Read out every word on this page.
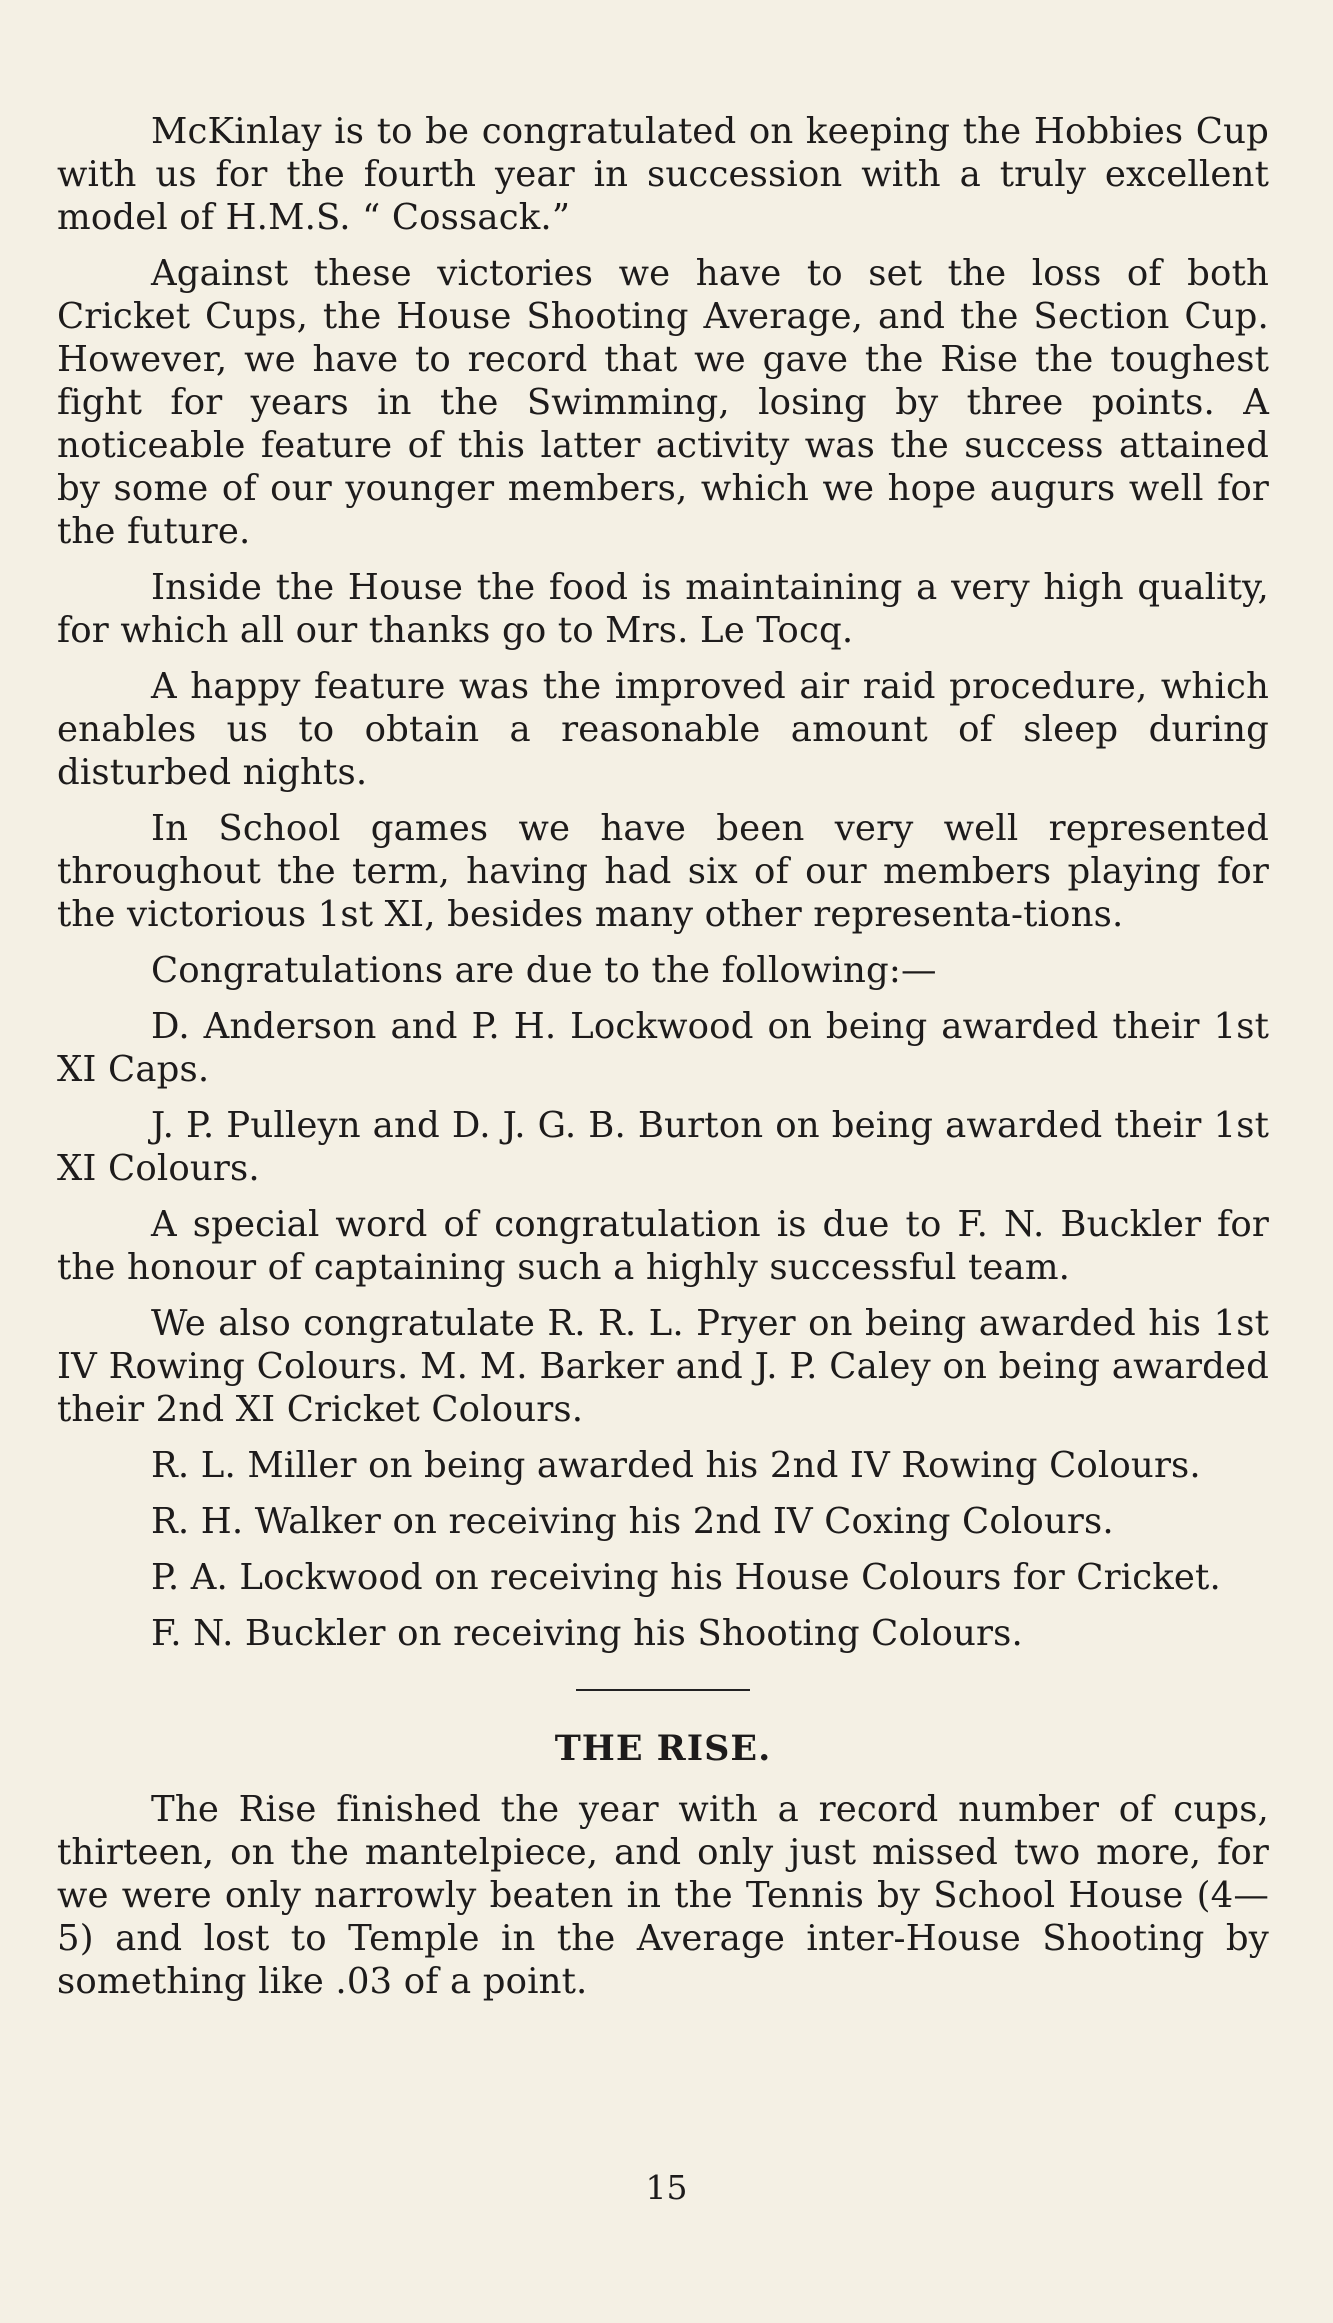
McKinlay is to be congratulated on keeping the Hobbies Cup with us for the fourth year in succession with a truly excellent model of H.M.S. “ Cossack.”

Against these victories we have to set the loss of both Cricket Cups, the House Shooting Average, and the Section Cup. However, we have to record that we gave the Rise the toughest fight for years in the Swimming, losing by three points. A noticeable feature of this latter activity was the success attained by some of our younger members, which we hope augurs well for the future.

Inside the House the food is maintaining a very high quality, for which all our thanks go to Mrs. Le Tocq.

A happy feature was the improved air raid procedure, which enables us to obtain a reasonable amount of sleep during disturbed nights.

In School games we have been very well represented throughout the term, having had six of our members playing for the victorious 1st XI, besides many other representa-tions.

Congratulations are due to the following:—

D. Anderson and P. H. Lockwood on being awarded their 1st XI Caps.

J. P. Pulleyn and D. J. G. B. Burton on being awarded their 1st XI Colours.

A special word of congratulation is due to F. N. Buckler for the honour of captaining such a highly successful team.

We also congratulate R. R. L. Pryer on being awarded his 1st IV Rowing Colours. M. M. Barker and J. P. Caley on being awarded their 2nd XI Cricket Colours.

R. L. Miller on being awarded his 2nd IV Rowing Colours.

R. H. Walker on receiving his 2nd IV Coxing Colours.

P. A. Lockwood on receiving his House Colours for Cricket.

F. N. Buckler on receiving his Shooting Colours.

THE RISE.

The Rise finished the year with a record number of cups, thirteen, on the mantelpiece, and only just missed two more, for we were only narrowly beaten in the Tennis by School House (4—5) and lost to Temple in the Average inter-House Shooting by something like .03 of a point.

15
